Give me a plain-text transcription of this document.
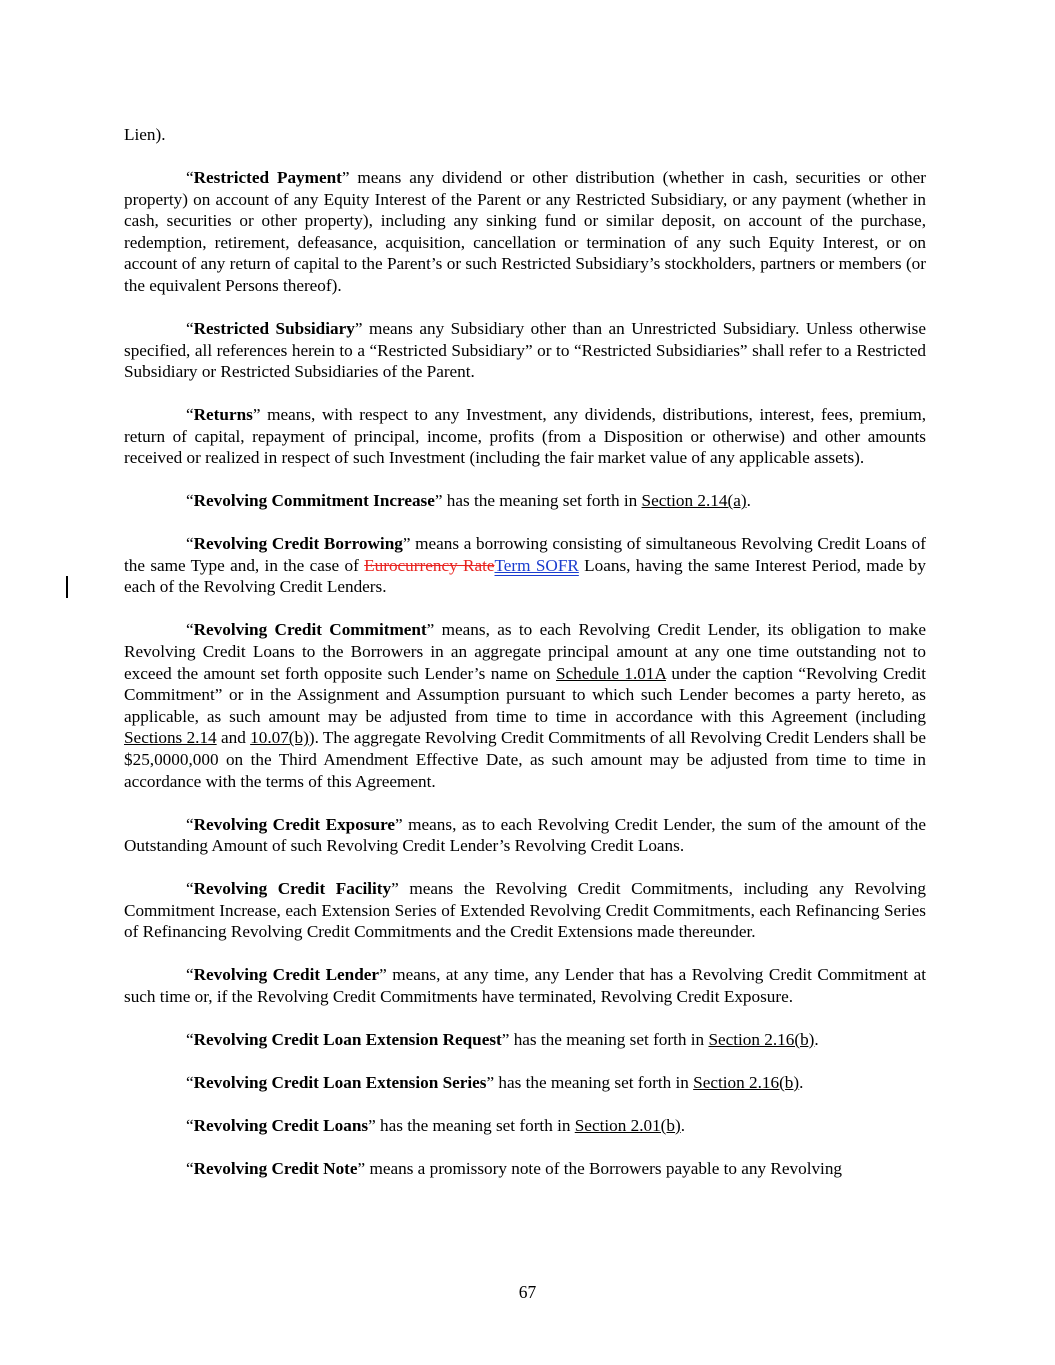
Lien).

“Restricted Payment” means any dividend or other distribution (whether in cash, securities or other property) on account of any Equity Interest of the Parent or any Restricted Subsidiary, or any payment (whether in cash, securities or other property), including any sinking fund or similar deposit, on account of the purchase, redemption, retirement, defeasance, acquisition, cancellation or termination of any such Equity Interest, or on account of any return of capital to the Parent’s or such Restricted Subsidiary’s stockholders, partners or members (or the equivalent Persons thereof).

“Restricted Subsidiary” means any Subsidiary other than an Unrestricted Subsidiary. Unless otherwise specified, all references herein to a “Restricted Subsidiary” or to “Restricted Subsidiaries” shall refer to a Restricted Subsidiary or Restricted Subsidiaries of the Parent.

“Returns” means, with respect to any Investment, any dividends, distributions, interest, fees, premium, return of capital, repayment of principal, income, profits (from a Disposition or otherwise) and other amounts received or realized in respect of such Investment (including the fair market value of any applicable assets).

“Revolving Commitment Increase” has the meaning set forth in Section 2.14(a).

“Revolving Credit Borrowing” means a borrowing consisting of simultaneous Revolving Credit Loans of the same Type and, in the case of Eurocurrency RateTerm SOFR Loans, having the same Interest Period, made by each of the Revolving Credit Lenders.

“Revolving Credit Commitment” means, as to each Revolving Credit Lender, its obligation to make Revolving Credit Loans to the Borrowers in an aggregate principal amount at any one time outstanding not to exceed the amount set forth opposite such Lender’s name on Schedule 1.01A under the caption “Revolving Credit Commitment” or in the Assignment and Assumption pursuant to which such Lender becomes a party hereto, as applicable, as such amount may be adjusted from time to time in accordance with this Agreement (including Sections 2.14 and 10.07(b)). The aggregate Revolving Credit Commitments of all Revolving Credit Lenders shall be $25,0000,000 on the Third Amendment Effective Date, as such amount may be adjusted from time to time in accordance with the terms of this Agreement.

“Revolving Credit Exposure” means, as to each Revolving Credit Lender, the sum of the amount of the Outstanding Amount of such Revolving Credit Lender’s Revolving Credit Loans.

“Revolving Credit Facility” means the Revolving Credit Commitments, including any Revolving Commitment Increase, each Extension Series of Extended Revolving Credit Commitments, each Refinancing Series of Refinancing Revolving Credit Commitments and the Credit Extensions made thereunder.

“Revolving Credit Lender” means, at any time, any Lender that has a Revolving Credit Commitment at such time or, if the Revolving Credit Commitments have terminated, Revolving Credit Exposure.

“Revolving Credit Loan Extension Request” has the meaning set forth in Section 2.16(b).

“Revolving Credit Loan Extension Series” has the meaning set forth in Section 2.16(b).

“Revolving Credit Loans” has the meaning set forth in Section 2.01(b).

“Revolving Credit Note” means a promissory note of the Borrowers payable to any Revolving

67
